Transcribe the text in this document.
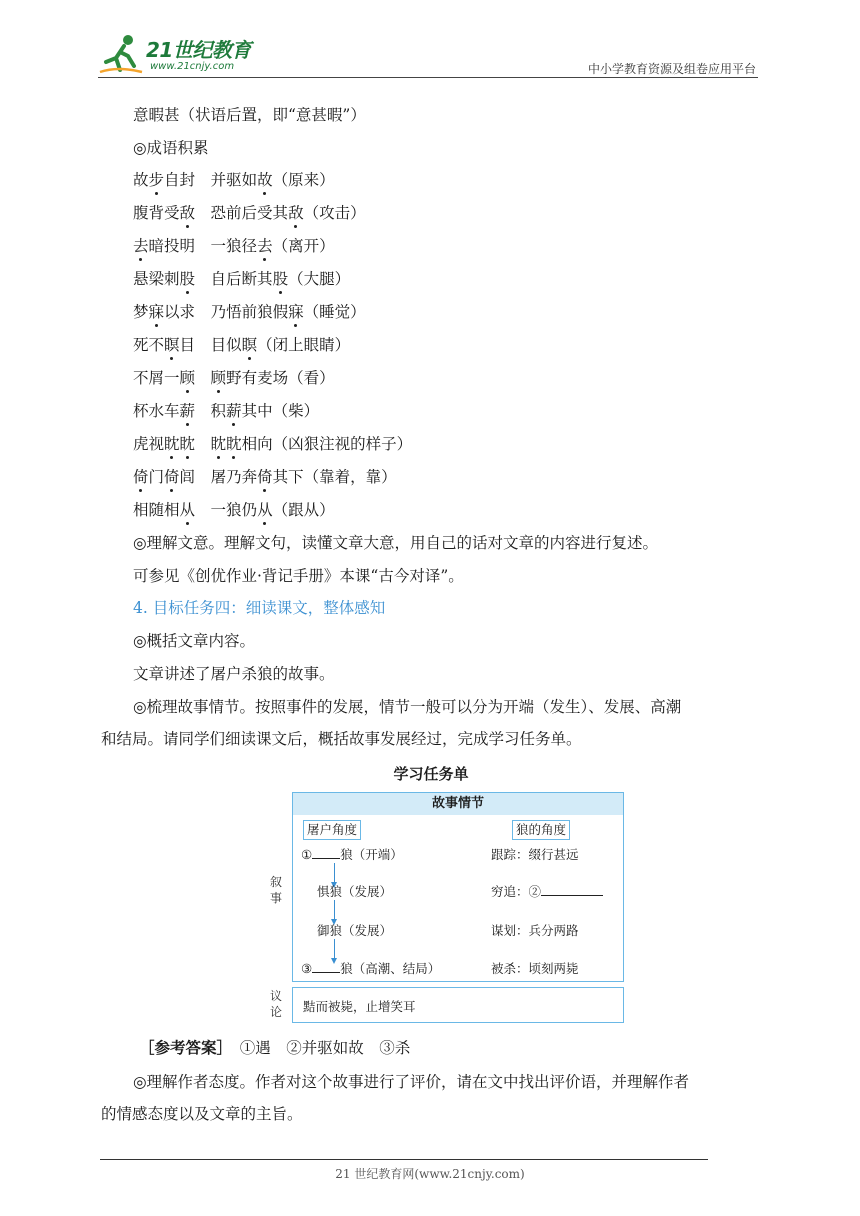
21世纪教育
www.21cnjy.com	中小学教育资源及组卷应用平台
意暇甚（状语后置，即“意甚暇”）
◎成语积累
故步自封　 并驱如故（原来）
腹背受敌　 恐前后受其敌（攻击）
去暗投明　 一狼径去（离开）
悬梁刺股　 自后断其股（大腿）
梦寐以求　 乃悟前狼假寐（睡觉）
死不瞑目　 目似瞑（闭上眼睛）
不屑一顾　 顾野有麦场（看）
杯水车薪　 积薪其中（柴）
虎视眈眈　 眈眈相向（凶狠注视的样子）
倚门倚闾　 屠乃奔倚其下（靠着，靠）
相随相从　 一狼仍从（跟从）
◎理解文意。理解文句，读懂文章大意，用自己的话对文章的内容进行复述。
可参见《创优作业·背记手册》本课“古今对译”。
4. 目标任务四：细读课文，整体感知
◎概括文章内容。
文章讲述了屠户杀狼的故事。
◎梳理故事情节。按照事件的发展，情节一般可以分为开端（发生）、发展、高潮
和结局。请同学们细读课文后，概括故事发展经过，完成学习任务单。
学习任务单
［参考答案］　 ①遇　②并驱如故　③杀
◎理解作者态度。作者对这个故事进行了评价，请在文中找出评价语，并理解作者
的情感态度以及文章的主旨。
叙事
议论
故事情节
屠户角度	狼的角度
① 狼（开端）
惧狼（发展）
御狼（发展）
③ 狼（高潮、结局）
跟踪：缀行甚远
穷追：②
谋划：兵分两路
被杀：顷刻两毙
黠而被毙，止增笑耳
21 世纪教育网(www.21cnjy.com)
